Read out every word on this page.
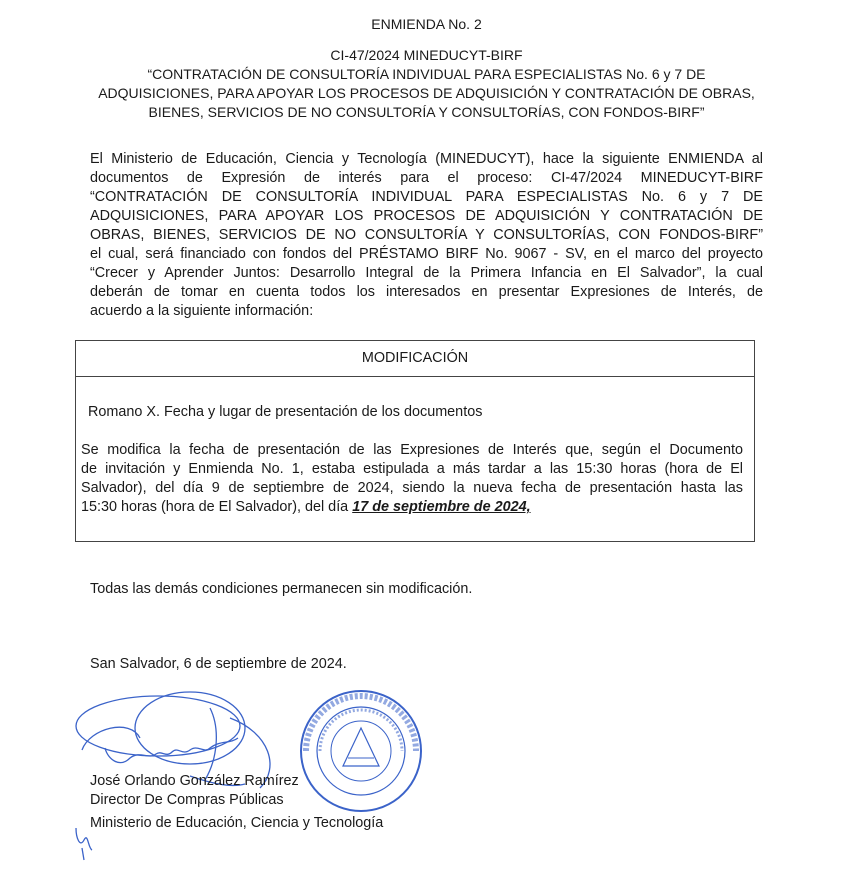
ENMIENDA No. 2
CI-47/2024 MINEDUCYT-BIRF
“CONTRATACIÓN DE CONSULTORÍA INDIVIDUAL PARA ESPECIALISTAS No. 6 y 7 DE
ADQUISICIONES, PARA APOYAR LOS PROCESOS DE ADQUISICIÓN Y CONTRATACIÓN DE OBRAS,
BIENES, SERVICIOS DE NO CONSULTORÍA Y CONSULTORÍAS, CON FONDOS-BIRF”
El Ministerio de Educación, Ciencia y Tecnología (MINEDUCYT), hace la siguiente ENMIENDA al
documentos de Expresión de interés para el proceso: CI-47/2024 MINEDUCYT-BIRF
“CONTRATACIÓN DE CONSULTORÍA INDIVIDUAL PARA ESPECIALISTAS No. 6 y 7 DE
ADQUISICIONES, PARA APOYAR LOS PROCESOS DE ADQUISICIÓN Y CONTRATACIÓN DE
OBRAS, BIENES, SERVICIOS DE NO CONSULTORÍA Y CONSULTORÍAS, CON FONDOS-BIRF”
el cual, será financiado con fondos del PRÉSTAMO BIRF No. 9067 - SV, en el marco del proyecto
“Crecer y Aprender Juntos: Desarrollo Integral de la Primera Infancia en El Salvador”, la cual
deberán de tomar en cuenta todos los interesados en presentar Expresiones de Interés, de
acuerdo a la siguiente información:
MODIFICACIÓN
Romano X. Fecha y lugar de presentación de los documentos
Se modifica la fecha de presentación de las Expresiones de Interés que, según el Documento
de invitación y Enmienda No. 1, estaba estipulada a más tardar a las 15:30 horas (hora de El
Salvador), del día 9 de septiembre de 2024, siendo la nueva fecha de presentación hasta las
15:30 horas (hora de El Salvador), del día 17 de septiembre de 2024,
Todas las demás condiciones permanecen sin modificación.
San Salvador, 6 de septiembre de 2024.
José Orlando González Ramírez
Director De Compras Públicas
Ministerio de Educación, Ciencia y Tecnología
